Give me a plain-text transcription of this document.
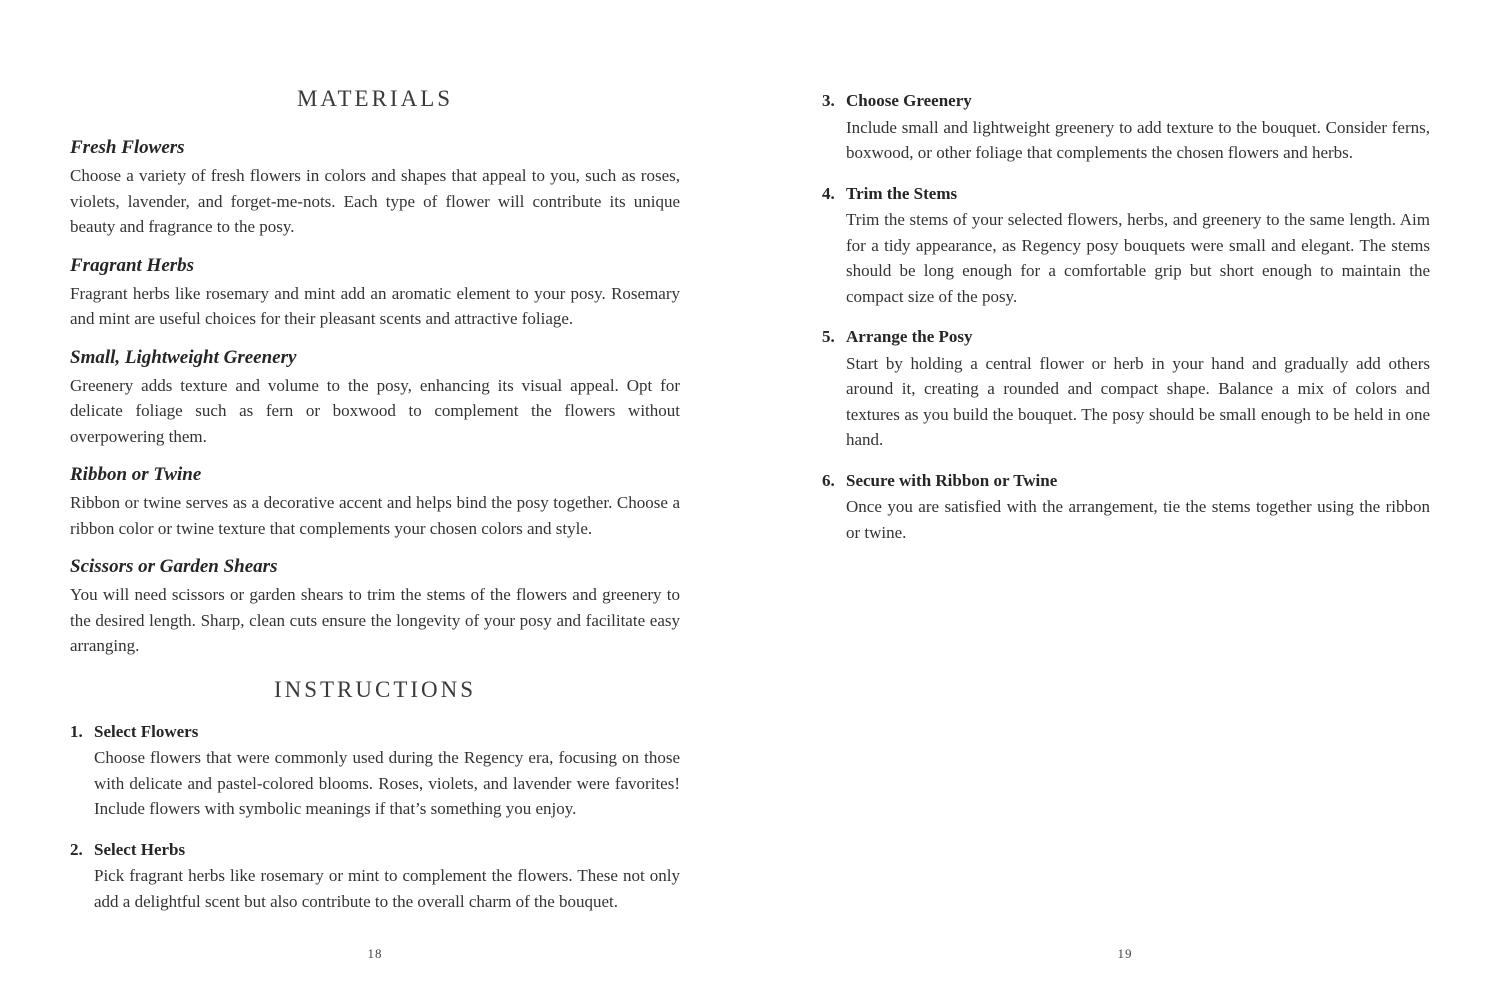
MATERIALS
Fresh Flowers
Choose a variety of fresh flowers in colors and shapes that appeal to you, such as roses, violets, lavender, and forget-me-nots. Each type of flower will contribute its unique beauty and fragrance to the posy.
Fragrant Herbs
Fragrant herbs like rosemary and mint add an aromatic element to your posy. Rosemary and mint are useful choices for their pleasant scents and attractive foliage.
Small, Lightweight Greenery
Greenery adds texture and volume to the posy, enhancing its visual appeal. Opt for delicate foliage such as fern or boxwood to complement the flowers without overpowering them.
Ribbon or Twine
Ribbon or twine serves as a decorative accent and helps bind the posy together. Choose a ribbon color or twine texture that complements your chosen colors and style.
Scissors or Garden Shears
You will need scissors or garden shears to trim the stems of the flowers and greenery to the desired length. Sharp, clean cuts ensure the longevity of your posy and facilitate easy arranging.
INSTRUCTIONS
1. Select Flowers
Choose flowers that were commonly used during the Regency era, focusing on those with delicate and pastel-colored blooms. Roses, violets, and lavender were favorites! Include flowers with symbolic meanings if that’s something you enjoy.
2. Select Herbs
Pick fragrant herbs like rosemary or mint to complement the flowers. These not only add a delightful scent but also contribute to the overall charm of the bouquet.
18
3. Choose Greenery
Include small and lightweight greenery to add texture to the bouquet. Consider ferns, boxwood, or other foliage that complements the chosen flowers and herbs.
4. Trim the Stems
Trim the stems of your selected flowers, herbs, and greenery to the same length. Aim for a tidy appearance, as Regency posy bouquets were small and elegant. The stems should be long enough for a comfortable grip but short enough to maintain the compact size of the posy.
5. Arrange the Posy
Start by holding a central flower or herb in your hand and gradually add others around it, creating a rounded and compact shape. Balance a mix of colors and textures as you build the bouquet. The posy should be small enough to be held in one hand.
6. Secure with Ribbon or Twine
Once you are satisfied with the arrangement, tie the stems together using the ribbon or twine.
19
